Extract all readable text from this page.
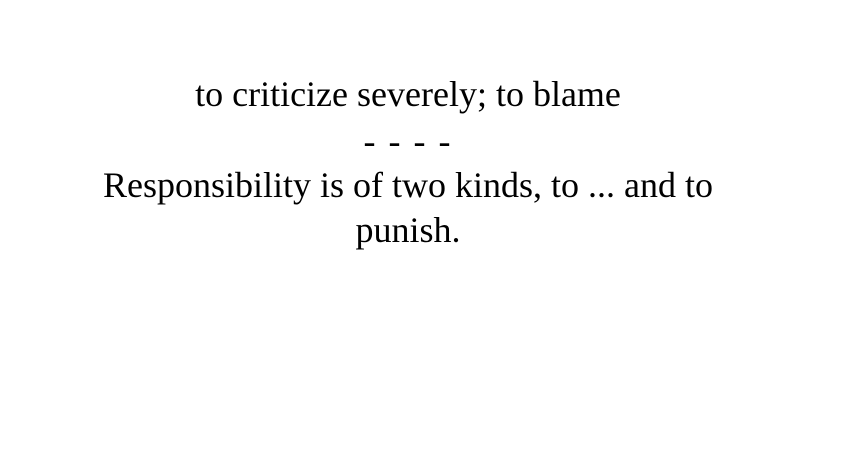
to criticize severely; to blame
- - - -
Responsibility is of two kinds, to ... and to
punish.
